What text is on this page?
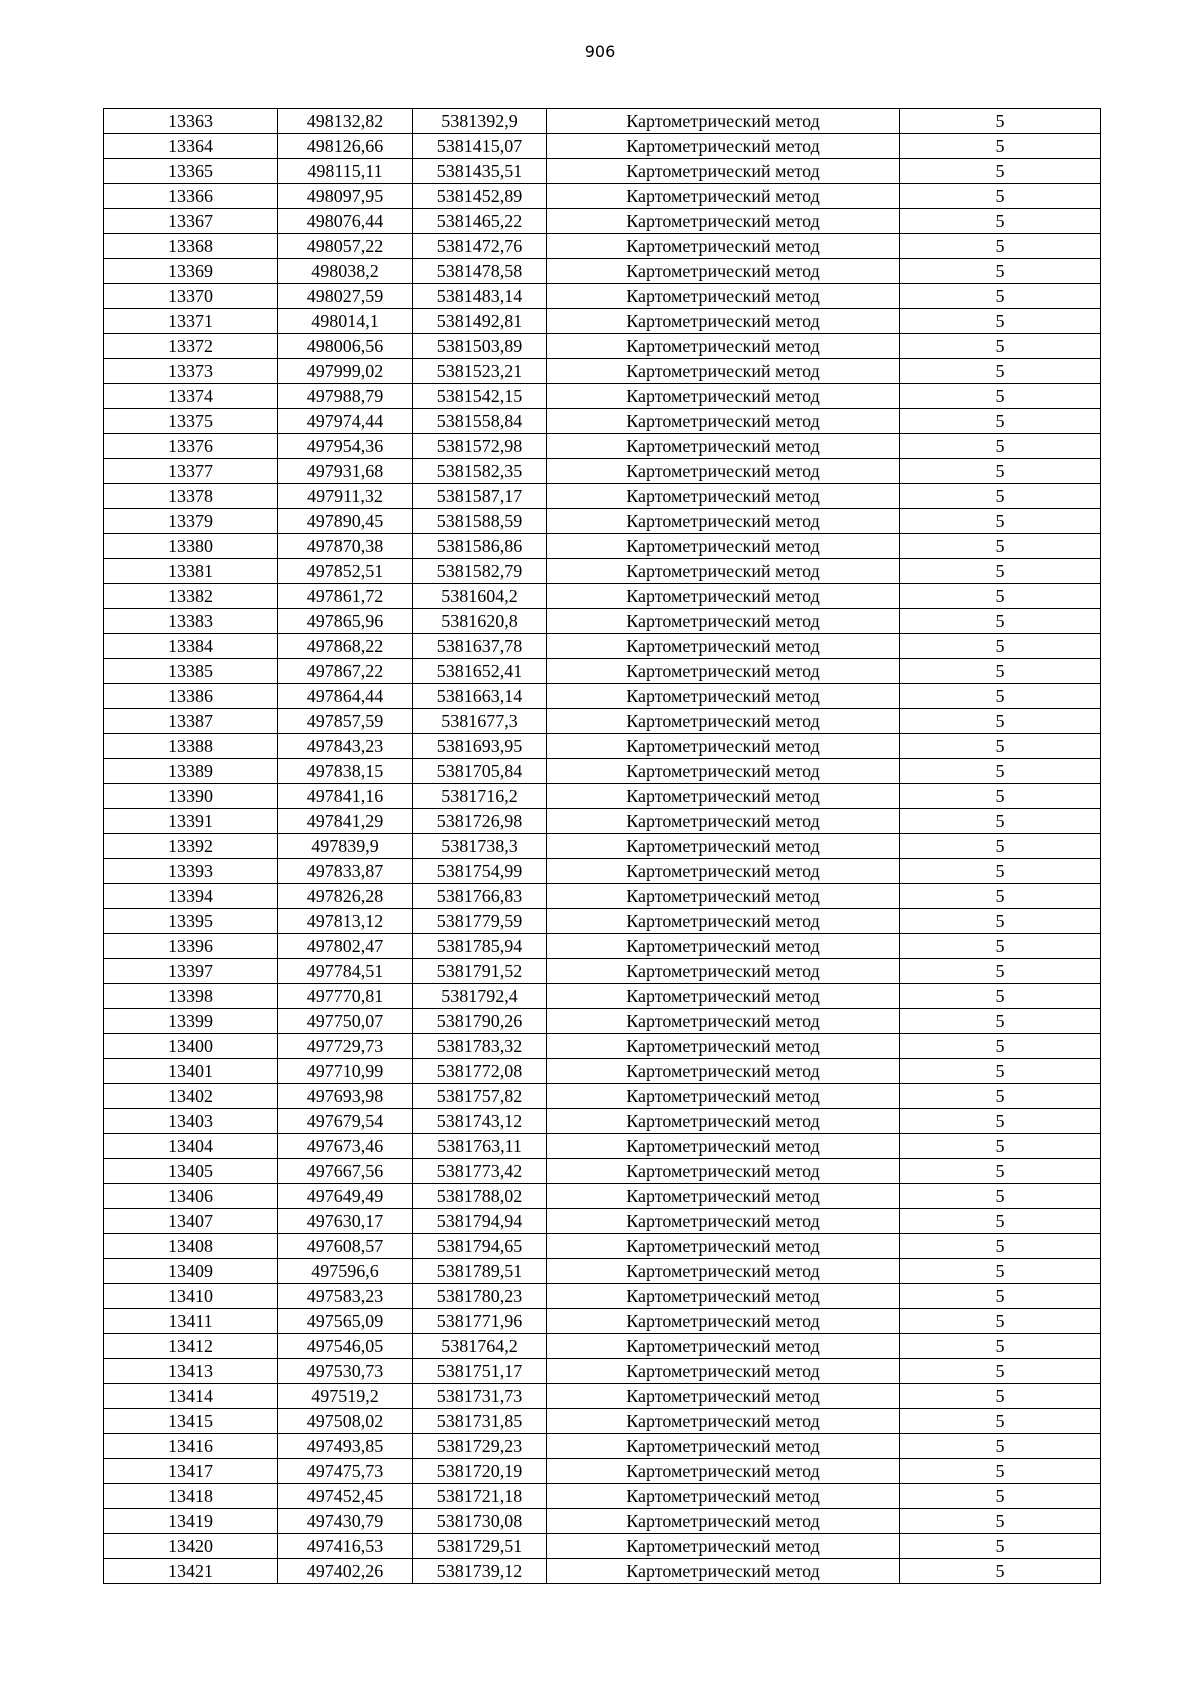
906
13363	498132,82	5381392,9	Картометрический метод	5
13364	498126,66	5381415,07	Картометрический метод	5
13365	498115,11	5381435,51	Картометрический метод	5
13366	498097,95	5381452,89	Картометрический метод	5
13367	498076,44	5381465,22	Картометрический метод	5
13368	498057,22	5381472,76	Картометрический метод	5
13369	498038,2	5381478,58	Картометрический метод	5
13370	498027,59	5381483,14	Картометрический метод	5
13371	498014,1	5381492,81	Картометрический метод	5
13372	498006,56	5381503,89	Картометрический метод	5
13373	497999,02	5381523,21	Картометрический метод	5
13374	497988,79	5381542,15	Картометрический метод	5
13375	497974,44	5381558,84	Картометрический метод	5
13376	497954,36	5381572,98	Картометрический метод	5
13377	497931,68	5381582,35	Картометрический метод	5
13378	497911,32	5381587,17	Картометрический метод	5
13379	497890,45	5381588,59	Картометрический метод	5
13380	497870,38	5381586,86	Картометрический метод	5
13381	497852,51	5381582,79	Картометрический метод	5
13382	497861,72	5381604,2	Картометрический метод	5
13383	497865,96	5381620,8	Картометрический метод	5
13384	497868,22	5381637,78	Картометрический метод	5
13385	497867,22	5381652,41	Картометрический метод	5
13386	497864,44	5381663,14	Картометрический метод	5
13387	497857,59	5381677,3	Картометрический метод	5
13388	497843,23	5381693,95	Картометрический метод	5
13389	497838,15	5381705,84	Картометрический метод	5
13390	497841,16	5381716,2	Картометрический метод	5
13391	497841,29	5381726,98	Картометрический метод	5
13392	497839,9	5381738,3	Картометрический метод	5
13393	497833,87	5381754,99	Картометрический метод	5
13394	497826,28	5381766,83	Картометрический метод	5
13395	497813,12	5381779,59	Картометрический метод	5
13396	497802,47	5381785,94	Картометрический метод	5
13397	497784,51	5381791,52	Картометрический метод	5
13398	497770,81	5381792,4	Картометрический метод	5
13399	497750,07	5381790,26	Картометрический метод	5
13400	497729,73	5381783,32	Картометрический метод	5
13401	497710,99	5381772,08	Картометрический метод	5
13402	497693,98	5381757,82	Картометрический метод	5
13403	497679,54	5381743,12	Картометрический метод	5
13404	497673,46	5381763,11	Картометрический метод	5
13405	497667,56	5381773,42	Картометрический метод	5
13406	497649,49	5381788,02	Картометрический метод	5
13407	497630,17	5381794,94	Картометрический метод	5
13408	497608,57	5381794,65	Картометрический метод	5
13409	497596,6	5381789,51	Картометрический метод	5
13410	497583,23	5381780,23	Картометрический метод	5
13411	497565,09	5381771,96	Картометрический метод	5
13412	497546,05	5381764,2	Картометрический метод	5
13413	497530,73	5381751,17	Картометрический метод	5
13414	497519,2	5381731,73	Картометрический метод	5
13415	497508,02	5381731,85	Картометрический метод	5
13416	497493,85	5381729,23	Картометрический метод	5
13417	497475,73	5381720,19	Картометрический метод	5
13418	497452,45	5381721,18	Картометрический метод	5
13419	497430,79	5381730,08	Картометрический метод	5
13420	497416,53	5381729,51	Картометрический метод	5
13421	497402,26	5381739,12	Картометрический метод	5
